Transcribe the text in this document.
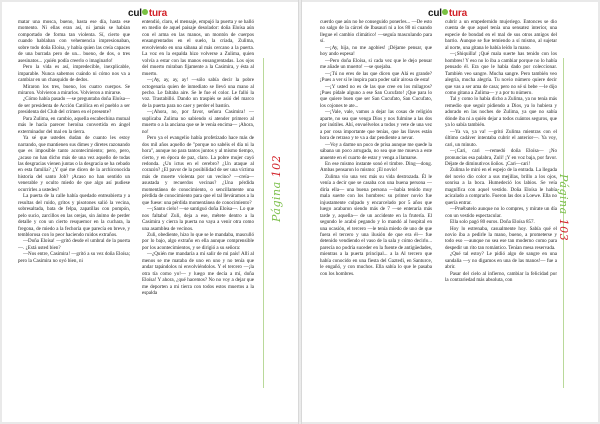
cul tura

matar una mosca, bueno, hasta ese día, hasta ese momento. Ni ellas eran así, ni jamás se habían comportado de forma tan violenta. Sí, cierto que cuando hablaban con vehemencia impresionaban, sobre todo doña Eloísa, y había quien las creía capaces de una burrada pero de un... bueno, de dos, o tres asesinatos... ¡quién podía creerlo o imaginarlo!

Pero la vida es así, impredecible, inexplicable, imparable. Nunca sabemos cuándo ni cómo nos va a cambiar en un chasquido de dedos.

Miraron los tres, bueno, los cuatro cuerpos. Se miraron. Volvieron a mirarlos. Volvieron a mirarse.

¿Cómo había pasado —se preguntaba doña Eloísa— de ser presidenta de Acción Católica en el pueblo a ser presidenta del Club del crimen en el presente?

Para Zulima, en cambio, aquella escabechina mutual más le hacía parecer heroína convertida en ángel exterminador del mal en la tierra.

Ya sé que ustedes dudan de cuanto les estoy narrando, que mantienen sus dimes y diretes razonando que es imposible tanto acontecimiento; pero, pero, ¿acaso no han dicho más de una vez aquello de todas las desgracias vienen juntas o la desgracia se ha cebado en esta familia? ¿Y qué me dicen de la archiconocida historia del santo Job? ¡Acaso no han sentido un venerable y oculto miedo de que algo así pudiese ocurrirles a ustedes?

La puerta de la calle había quedado entreabierta y a resultas del ruido, gritos y pisotones salió la vecina, sobresaltada, bata de felpa, zapatillas con pompón, pelo sucio, zarcillos en las orejas, sin ánimo de perder detalle y con un cierto resquemor en la cuchara, la fregona, de miedo a la fechoría que parecía en breve, y temblorosa con lo peor haciendo ruidos extraños.

—Doña Eloísa! —gritó desde el umbral de la puerta—. ¿Está usted bien?

—Nos entre, Casimira! —gritó a su vez doña Eloísa; pero la Casimira no oyó bien, ni

entendió, claro, el mensaje, empujó la puerta y se halló en medio de aquel paisaje desolador: doña Eloísa aún con el arma en las manos, un montón de cuerpos ensangrentados en el suelo, la criada, Zulima, envolviendo en una sábana al más cercano a la puerta. La voz en la espalda hizo volverse a Zulima, quien volvía a estar con las manos ensangrentadas. Los ojos del muerto miraban fijamente a la Casimira, y ésta al muerto.

—¡Ay, ay, ay, ay! —sólo sabía decir la pobre octogenaria quien de inmediato se llevó una mano al pecho. Le faltaba aire. Se le fue el color. Le falló la voz. Trastabilló. Dando un traspiés se asió del marco de la puerta para no caer y perder el bastón.

—¡Ahora, no, por favor, señora Casimira! —suplicaba Zulima no sabiendo si atender primero al muerto o a la anciana que se le venía encima— ¡Ahora, no!

Pero ya el evangelio había profetizado hace más de dos mil años aquello de "porque no sabéis el día ni la hora", aunque no para tantos juntos y al mismo tiempo, cierto, y en época de paz, claro. La pobre mujer cayó redonda. ¿Un ictus en el cerebro? ¿Un ataque al corazón? ¿El pavor de la posibilidad de ser una víctima más de muerte violenta por un vecino? —creía— asustada y recuerdos vecinas? ¿Una pérdida momentánea de conocimiento, o sencillamente una pérdida de conocimiento para que el tal lleváramos a la que fuese: una pérdida momentánea de conocimiento?

—¡Santo cielo! —se santiguó doña Eloísa—. Lo que nos faltaba! Zuli, deja a ese, métete dentro a la Casimira y cierra la puerta no vaya a venir otra como una asamblea de vecinos.

Zuli, obediente, hizo lo que se le mandaba, masculló por lo bajo, algo extraño en ella aunque comprensible por los acontecimientos, y se dirigió a su señora:

—¿Quién me mandaría a mí salir de mi país! Allí al menos se me mataba de uno en uno y no tenía que andar tapándolos ni envolviéndolos. Y el tercero —¡la otra tía como yo!— y luego me decía a mí, doña Eloísa! Y ahora, ¿qué hacemos? No no voy a dejar que me deporten a mi tierra con todos estos muertos a la espalda

Página 102
cul tura

cuerdo que aún no he conseguido ponerles... —De esto no salgo de la cárcel de Ibasauri ni a los 80 ni cuando llegue el cambio climático! —seguía masculando para sí.

—¡Ay, hija, no me agobies! ¡Déjame pensar, que hoy ando espesa!

—Pero doña Eloísa, si cada vez que le dejo pensar me añade un muerto! —se quejaba.

—¡Tú no eres de las que dicen que Alá es grande? ¡Pues a ver si le inspira para poder salir airosa de esta!

—¡Y usted no es de las que cree en los milagros? ¡Pues pídale alguno a ese San Cucufato! ¡Que para lo que quiere buen que ser San Cucufato, San Cucufato, los cojones te ate...

—¡Vale, vale, vamos a dejar las cosas de religión aparte, no sea que venga Dios y nos fulmine a las dos por inútiles. Ahí, envuélvelos a todos y vete de una vez a por cosa importante que tenías, que las llaves están hora de retraso y te va a dar pendiente a nevar.

—Voy a darme un poco de prisa aunque me quede la sábana un poco arrugada, no sea que me mueva a este anuente en el cuarto de estar y venga a llamarse.

En ese mismo instante sonó el timbre. Ding—dong. Ambas pensaron lo mismo: ¡El novio!

Zulima vio una vez más su vida destrozada. Él le venía a decir que se casaba con una buena persona —diría ella— una buena persona —había tenido muy mala suerte con los hombres: su primer novio fue injustamente culpado y encarcelado por 5 años que luego acabaron siendo más de 7 —se enteraría más tarde y, aquella— de un accidente en la frutería. El segundo le acabó pegando y lo mandó al hospital en una ocasión, el tercero —le tenía miedo de uno de que fuera el tercero y una ilusión de que era él— fue detenido vendiendo el vaso de la sala y cómo decirlo... parecía no podría suceder en la fuente de antigüedades, mientras a la puerta principal... a la Al tercero que había conocido en una fiesta del Gaztedi, en Santurce, le engañó, y con muchos. Ella sabía lo que le pasaba con los hombres.

cubrir a un empedernido mujeriego. Entonces se dio cuenta de que aquel tenía una sensatez interior, una especie de bondad en el mal de sus otros amigos del barrio. Aunque se fue temiendo a sí mismo, al sujetar al norte, una gitana le había leído la mano.

—¡Shiquilla! ¡Qué mala suerte has tenido con los hombres! Y eso no lo iba a cambiar porque no lo había pensado él. Era que le había dado por coleccionar. También veo sangre. Mucha sangre. Pero también veo alegría, mucha alegría. Tu novio número quiere decir que vas a ser ama de casa; pero no sé si bebe —le dijo como gitana a Zulima— y a por tu número.

Tal y como lo había dicho a Zulima, ya no tenía más remedio que seguir pidiendo a Dios, ya lo hubiera y adorado en las noches de Zulima, ya que no sabía dónde iba ni a quién dejar a todos cuántos seguros, que ya lo sabía también.

—Ya va, ya va! —gritó Zulima mientras con el último cadáver intentaba cubrir el anterior—. Ya voy, cari, un minuto.

—¡Cari, cari —remedó doña Eloísa— ¡No pronuncias esa palabra, Zuli! ¡Y en voz baja, por favor. Déjate de diminutivos ñoños. ¡Cari—cari!

Zulima le miró en el espejo de la entrada. La llegada del novio dio color a sus mejillas, brillo a los ojos, sonrisa a la boca. Humedeció los labios. Se veía magnífica con aquel vestido. Doña Eloísa le había acicalado a comprarlo. Fueron las dos a Loewe. Ella no quería entrar.

—Pruébatelo aunque no lo compres, y mírate un día con un vestido espectacular.

Ella solo pagó 80 euros. Doña Eloísa 857.

Hoy lo estrenaba, casualmente hoy. Sabía qué el novio iba a pedirle la mano, bueno, a prometerse y todo eso —aunque no sea ese tan moderno como para despedir un rito tan romántico. Tenían mesa reservada.

¿Qué tal estoy? Le pidió algo de sangre en una sandalia —y no digamos en una de las manos!— fue a abrir.

Pasar del cielo al infierno, cambiar la felicidad por la contrariedad más absoluta, con

Página 103
